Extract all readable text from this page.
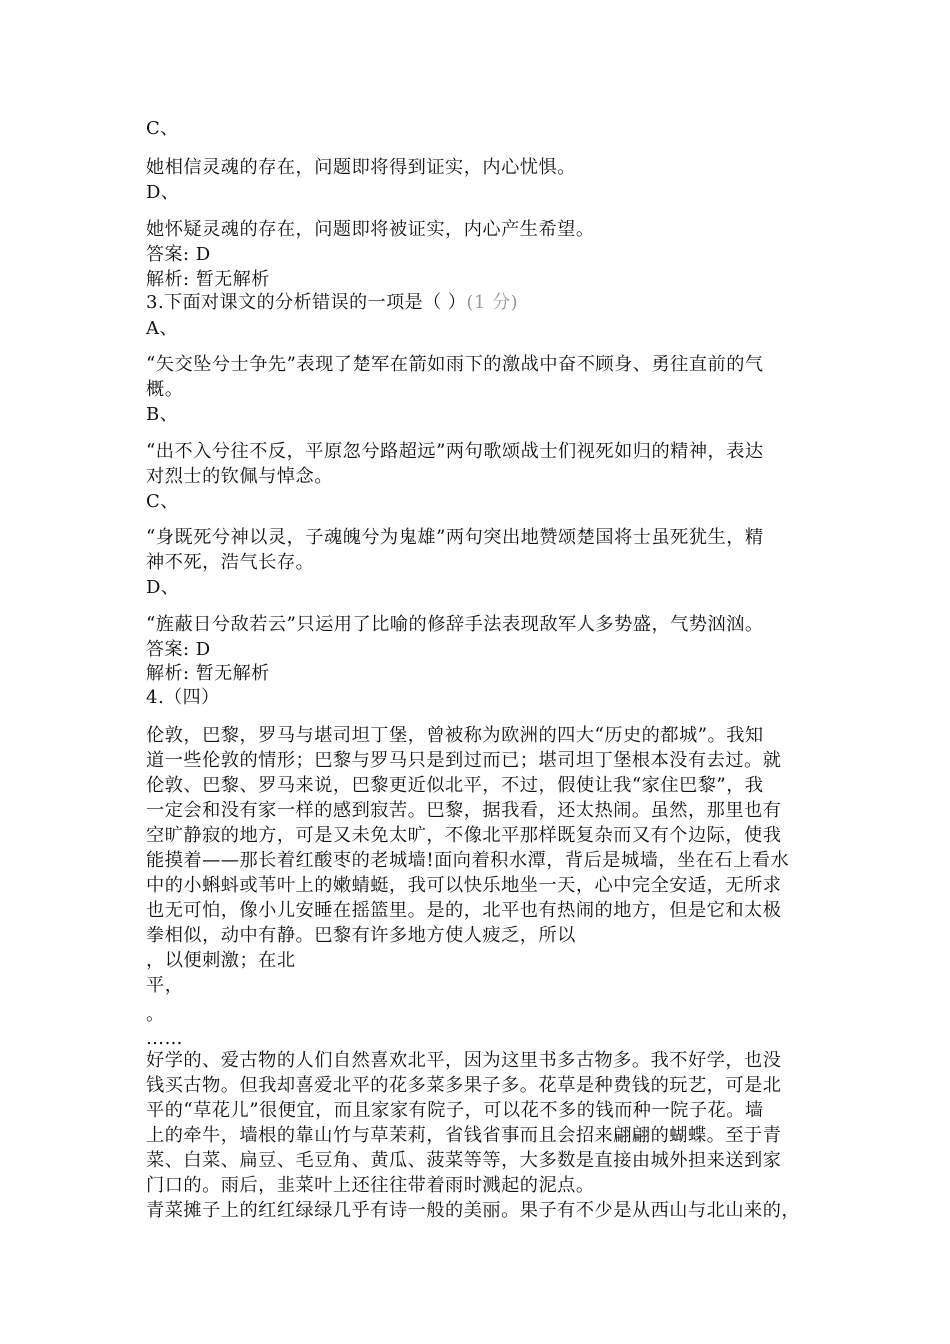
C、

她相信灵魂的存在，问题即将得到证实，内心忧惧。

D、

她怀疑灵魂的存在，问题即将被证实，内心产生希望。

答案: D

解析: 暂无解析

3.下面对课文的分析错误的一项是（ ）(1 分)

A、

“矢交坠兮士争先”表现了楚军在箭如雨下的激战中奋不顾身、勇往直前的气

概。

B、

“出不入兮往不反，平原忽兮路超远”两句歌颂战士们视死如归的精神，表达

对烈士的钦佩与悼念。

C、

“身既死兮神以灵，子魂魄兮为鬼雄”两句突出地赞颂楚国将士虽死犹生，精

神不死，浩气长存。

D、

“旌蔽日兮敌若云”只运用了比喻的修辞手法表现敌军人多势盛，气势汹汹。

答案: D

解析: 暂无解析

4.（四）

伦敦，巴黎，罗马与堪司坦丁堡，曾被称为欧洲的四大“历史的都城”。我知

道一些伦敦的情形；巴黎与罗马只是到过而已；堪司坦丁堡根本没有去过。就

伦敦、巴黎、罗马来说，巴黎更近似北平，不过，假使让我“家住巴黎”，我

一定会和没有家一样的感到寂苦。巴黎，据我看，还太热闹。虽然，那里也有

空旷静寂的地方，可是又未免太旷，不像北平那样既复杂而又有个边际，使我

能摸着——那长着红酸枣的老城墙!面向着积水潭，背后是城墙，坐在石上看水

中的小蝌蚪或苇叶上的嫩蜻蜓，我可以快乐地坐一天，心中完全安适，无所求

也无可怕，像小儿安睡在摇篮里。是的，北平也有热闹的地方，但是它和太极

拳相似，动中有静。巴黎有许多地方使人疲乏，所以

，以便刺激；在北

平，

。

……

好学的、爱古物的人们自然喜欢北平，因为这里书多古物多。我不好学，也没

钱买古物。但我却喜爱北平的花多菜多果子多。花草是种费钱的玩艺，可是北

平的“草花儿”很便宜，而且家家有院子，可以花不多的钱而种一院子花。墙

上的牵牛，墙根的靠山竹与草茉莉，省钱省事而且会招来翩翩的蝴蝶。至于青

菜、白菜、扁豆、毛豆角、黄瓜、菠菜等等，大多数是直接由城外担来送到家

门口的。雨后，韭菜叶上还往往带着雨时溅起的泥点。

青菜摊子上的红红绿绿几乎有诗一般的美丽。果子有不少是从西山与北山来的，
